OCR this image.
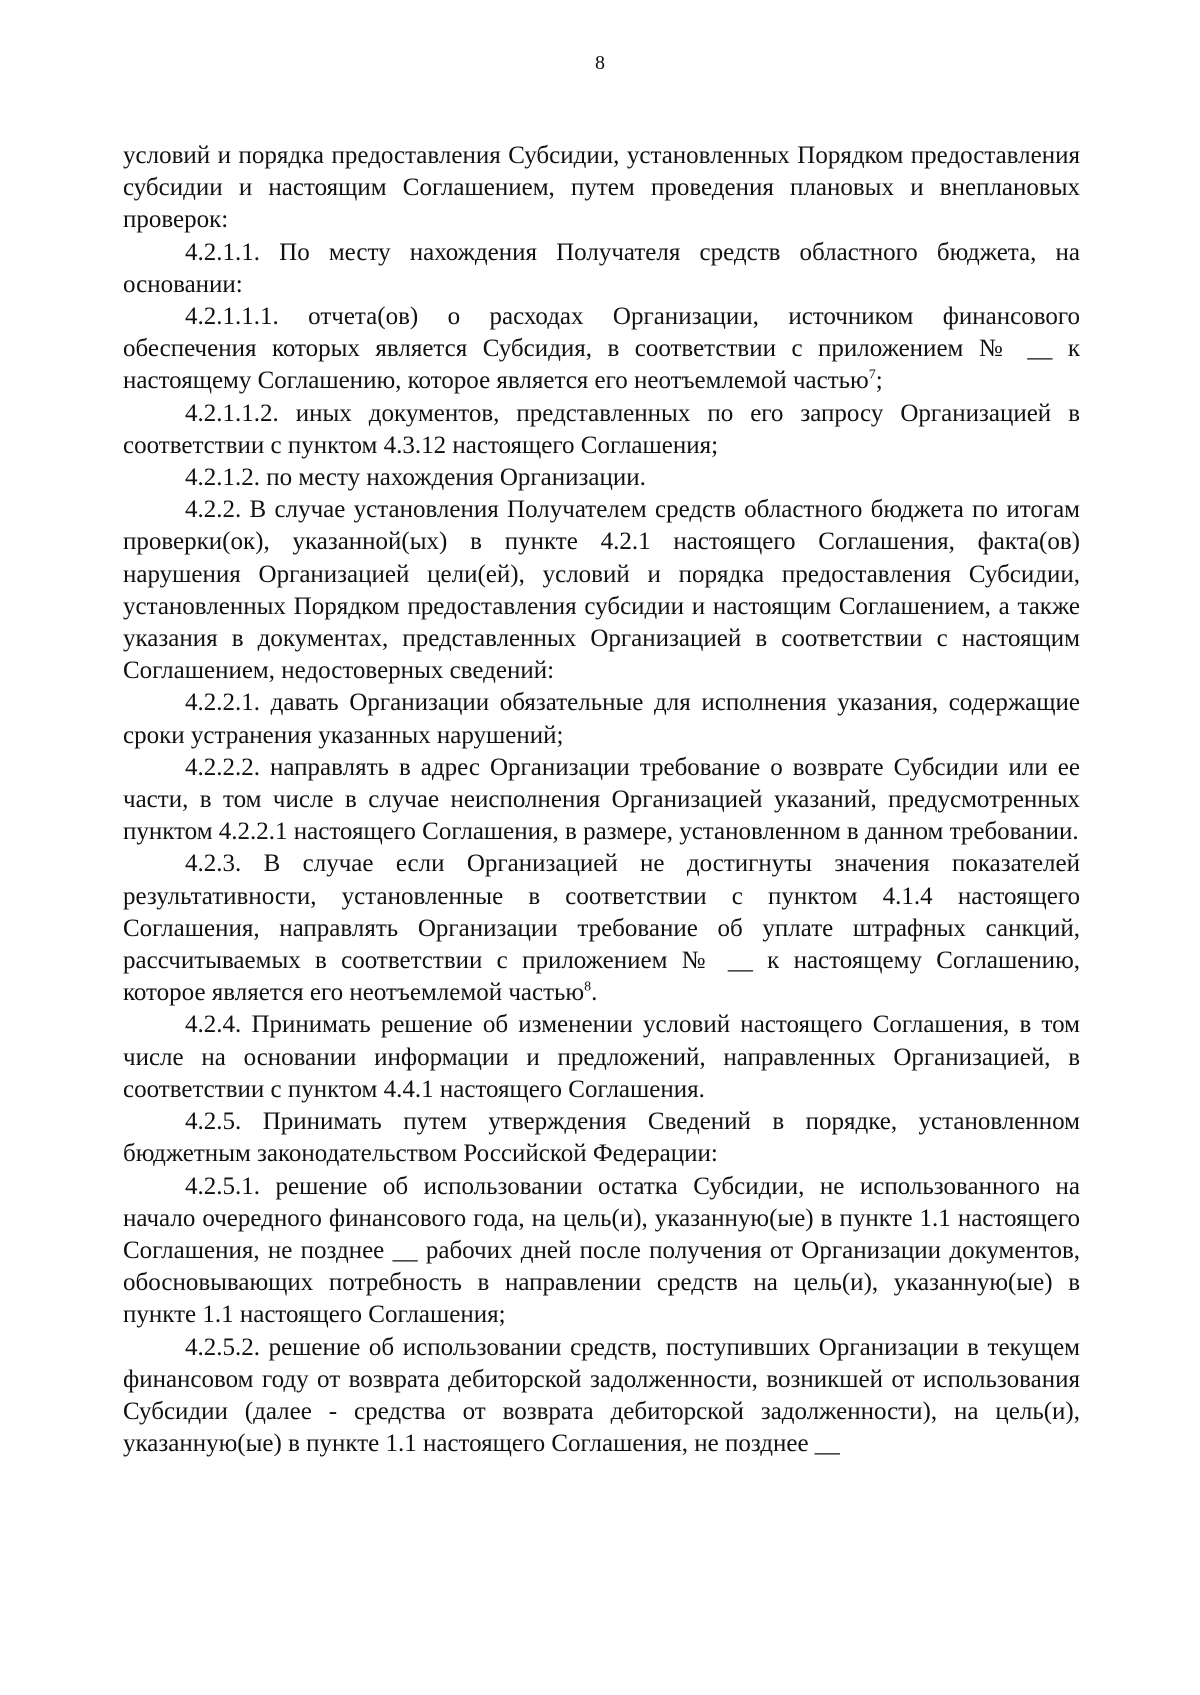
8

условий и порядка предоставления Субсидии, установленных Порядком предоставления субсидии и настоящим Соглашением, путем проведения плановых и внеплановых проверок:

4.2.1.1. По месту нахождения Получателя средств областного бюджета, на основании:

4.2.1.1.1. отчета(ов) о расходах Организации, источником финансового обеспечения которых является Субсидия, в соответствии с приложением № __ к настоящему Соглашению, которое является его неотъемлемой частью$^7$;

4.2.1.1.2. иных документов, представленных по его запросу Организацией в соответствии с пунктом 4.3.12 настоящего Соглашения;

4.2.1.2. по месту нахождения Организации.

4.2.2. В случае установления Получателем средств областного бюджета по итогам проверки(ок), указанной(ых) в пункте 4.2.1 настоящего Соглашения, факта(ов) нарушения Организацией цели(ей), условий и порядка предоставления Субсидии, установленных Порядком предоставления субсидии и настоящим Соглашением, а также указания в документах, представленных Организацией в соответствии с настоящим Соглашением, недостоверных сведений:

4.2.2.1. давать Организации обязательные для исполнения указания, содержащие сроки устранения указанных нарушений;

4.2.2.2. направлять в адрес Организации требование о возврате Субсидии или ее части, в том числе в случае неисполнения Организацией указаний, предусмотренных пунктом 4.2.2.1 настоящего Соглашения, в размере, установленном в данном требовании.

4.2.3. В случае если Организацией не достигнуты значения показателей результативности, установленные в соответствии с пунктом 4.1.4 настоящего Соглашения, направлять Организации требование об уплате штрафных санкций, рассчитываемых в соответствии с приложением № __ к настоящему Соглашению, которое является его неотъемлемой частью$^8$.

4.2.4. Принимать решение об изменении условий настоящего Соглашения, в том числе на основании информации и предложений, направленных Организацией, в соответствии с пунктом 4.4.1 настоящего Соглашения.

4.2.5. Принимать путем утверждения Сведений в порядке, установленном бюджетным законодательством Российской Федерации:

4.2.5.1. решение об использовании остатка Субсидии, не использованного на начало очередного финансового года, на цель(и), указанную(ые) в пункте 1.1 настоящего Соглашения, не позднее __ рабочих дней после получения от Организации документов, обосновывающих потребность в направлении средств на цель(и), указанную(ые) в пункте 1.1 настоящего Соглашения;

4.2.5.2. решение об использовании средств, поступивших Организации в текущем финансовом году от возврата дебиторской задолженности, возникшей от использования Субсидии (далее - средства от возврата дебиторской задолженности), на цель(и), указанную(ые) в пункте 1.1 настоящего Соглашения, не позднее __
